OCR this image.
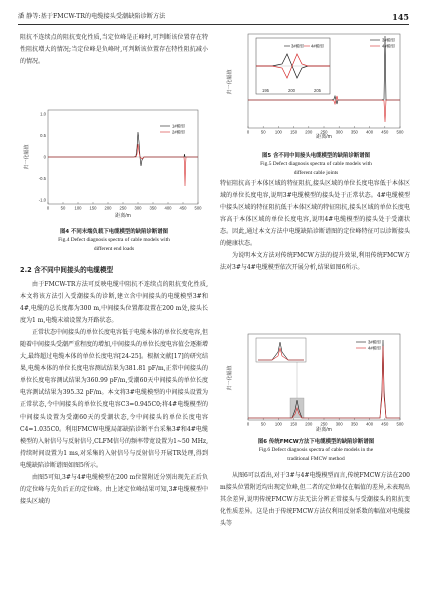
潘 静等:基于FMCW-TR的电缆接头受潮缺陷诊断方法	145

阻抗不连续点的阻抗变化性质,当定位峰是正峰时,可判断该位置存在特性阻抗增大的情况;当定位峰是负峰时,可判断该位置存在特性阻抗减小的情况。

0	50 100 150 200 250 300 350 400 450 500
1.0
0.5
0
-0.5
-1.0
1#模型
2#模型
距离/m
归一化幅值
图4 不同末端负载下电缆模型的缺陷诊断谱图
Fig.4 Defect diagnosis spectra of cable models with
different end loads
2.2 含不同中间接头的电缆模型

由于FMCW-TR方法可反映电缆中阻抗不连续点的阻抗变化性质,本文将该方法引入受潮接头的诊断,建立含中间接头的电缆模型3#和4#,电缆的总长度都为300 m,中间接头位置都设置在200 m处,接头长度为1 m,电缆末端设置为开路状态。

正常状态中间接头的单位长度电容低于电缆本体的单位长度电容,但随着中间接头受潮严重程度的增加,中间接头的单位长度电容值会逐渐增大,最终超过电缆本体的单位长度电容[24-25]。根据文献[17]的研究结果,电缆本体的单位长度电容测试结果为381.81 pF/m,正常中间接头的单位长度电容测试结果为360.99 pF/m,受潮60天中间接头的单位长度电容测试结果为395.32 pF/m。本文将3#电缆模型的中间接头设置为正常状态,令中间接头的单位长度电容C3=0.945C0;将4#电缆模型的中间接头设置为受潮60天的受潮状态,令中间接头的单位长度电容C4=1.035C0。利用FMCW电缆局部缺陷诊断平台采集3#和4#电缆模型的入射信号与反射信号,CLFM信号的频率带宽设置为1~50 MHz,持续时间设置为1 ms,对采集的入射信号与反射信号开展TR处理,得到电缆缺陷诊断谱图如图5所示。

由图5可知,3#与4#电缆模型在200 m位置附近分别出现先正后负的定位峰与先负后正的定位峰。由上述定位峰结果可知,3#电缆模型中接头区域的

0	50 100 150 200 250 300 350 400 450 500
3#模型
4#模型
3#模型 4#模型
195	200	205
距离/m
归一化幅值
图5 含不同中间接头电缆模型的缺陷诊断谱图
Fig.5 Defect diagnosis spectra of cable models with
different cable joints

特征阻抗高于本体区域的特征阻抗,接头区域的单位长度电容低于本体区域的单位长度电容,说明3#电缆模型的接头处于正常状态。4#电缆模型中接头区域的特征阻抗低于本体区域的特征阻抗,接头区域的单位长度电容高于本体区域的单位长度电容,说明4#电缆模型的接头处于受潮状态。因此,通过本文方法中电缆缺陷诊断谱图的定位峰特征可以诊断接头的健康状态。

为说明本文方法对传统FMCW方法的提升效果,利用传统FMCW方法对3#与4#电缆模型依次开展分析,结果如图6所示。

0	50 100 150 200 250 300 350 400 450 500
3#模型
4#模型
距离/m
归一化幅值
图6 传统FMCW方法下电缆模型的缺陷诊断谱图
Fig.6 Defect diagnosis spectra of cable models in the
traditional FMCW method

从图6可以看出,对于3#与4#电缆模型而言,传统FMCW方法在200 m接头位置附近均出现定位峰,但二者的定位峰仅在幅值的差异,未表现出其余差异,说明传统FMCW方法无法分辨正常接头与受潮接头的阻抗变化性质差异。这是由于传统FMCW方法仅利用反射系数的幅值对电缆接头等
